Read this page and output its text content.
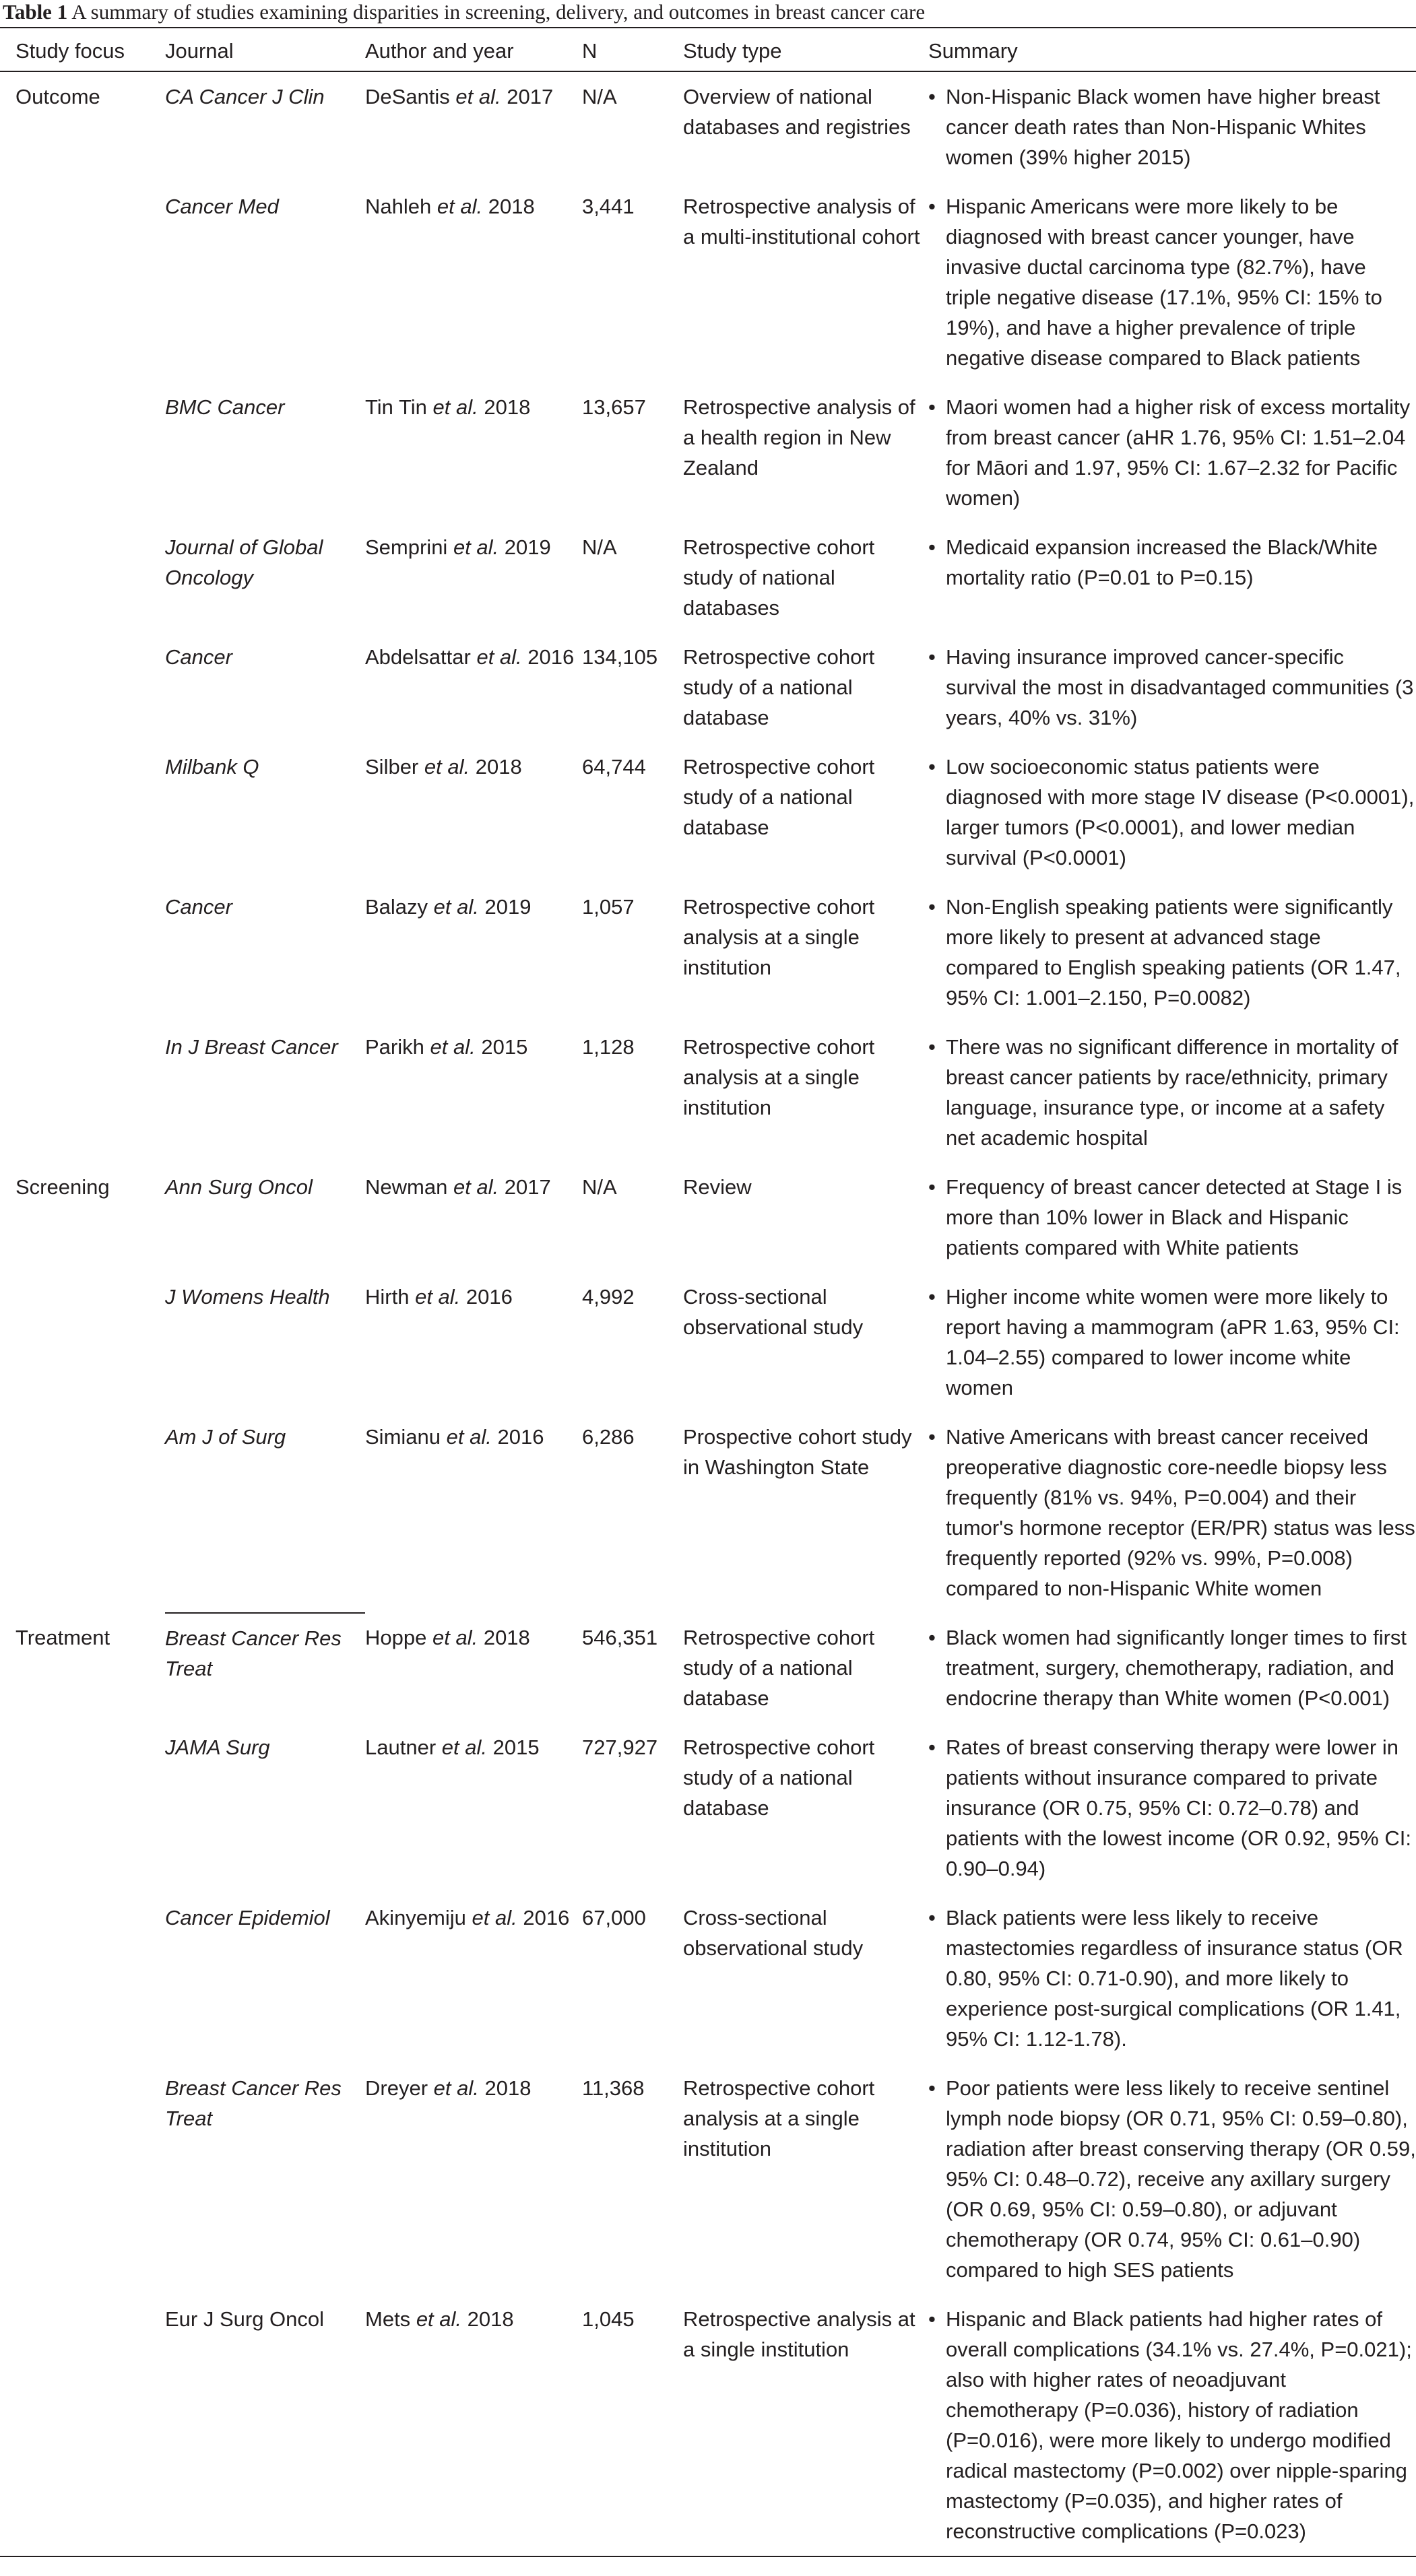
Table 1 A summary of studies examining disparities in screening, delivery, and outcomes in breast cancer care
Study focus	Journal	Author and year	N	Study type	Summary
Outcome	CA Cancer J Clin	DeSantis et al. 2017	N/A	Overview of national databases and registries	• Non-Hispanic Black women have higher breast cancer death rates than Non-Hispanic Whites women (39% higher 2015)

	Cancer Med	Nahleh et al. 2018	3,441	Retrospective analysis of a multi-institutional cohort	• Hispanic Americans were more likely to be diagnosed with breast cancer younger, have invasive ductal carcinoma type (82.7%), have triple negative disease (17.1%, 95% CI: 15% to 19%), and have a higher prevalence of triple negative disease compared to Black patients

	BMC Cancer	Tin Tin et al. 2018	13,657	Retrospective analysis of a health region in New Zealand	• Maori women had a higher risk of excess mortality from breast cancer (aHR 1.76, 95% CI: 1.51–2.04 for Māori and 1.97, 95% CI: 1.67–2.32 for Pacific women)

	Journal of Global Oncology	Semprini et al. 2019	N/A	Retrospective cohort study of national databases	• Medicaid expansion increased the Black/White mortality ratio (P=0.01 to P=0.15)

	Cancer	Abdelsattar et al. 2016	134,105	Retrospective cohort study of a national database	• Having insurance improved cancer-specific survival the most in disadvantaged communities (3 years, 40% vs. 31%)

	Milbank Q	Silber et al. 2018	64,744	Retrospective cohort study of a national database	• Low socioeconomic status patients were diagnosed with more stage IV disease (P<0.0001), larger tumors (P<0.0001), and lower median survival (P<0.0001)

	Cancer	Balazy et al. 2019	1,057	Retrospective cohort analysis at a single institution	• Non-English speaking patients were significantly more likely to present at advanced stage compared to English speaking patients (OR 1.47, 95% CI: 1.001–2.150, P=0.0082)

	In J Breast Cancer	Parikh et al. 2015	1,128	Retrospective cohort analysis at a single institution	• There was no significant difference in mortality of breast cancer patients by race/ethnicity, primary language, insurance type, or income at a safety net academic hospital

Screening	Ann Surg Oncol	Newman et al. 2017	N/A	Review	• Frequency of breast cancer detected at Stage I is more than 10% lower in Black and Hispanic patients compared with White patients

	J Womens Health	Hirth et al. 2016	4,992	Cross-sectional observational study	• Higher income white women were more likely to report having a mammogram (aPR 1.63, 95% CI: 1.04–2.55) compared to lower income white women

	Am J of Surg	Simianu et al. 2016	6,286	Prospective cohort study in Washington State	• Native Americans with breast cancer received preoperative diagnostic core-needle biopsy less frequently (81% vs. 94%, P=0.004) and their tumor's hormone receptor (ER/PR) status was less frequently reported (92% vs. 99%, P=0.008) compared to non-Hispanic White women

Treatment	Breast Cancer Res Treat	Hoppe et al. 2018	546,351	Retrospective cohort study of a national database	• Black women had significantly longer times to first treatment, surgery, chemotherapy, radiation, and endocrine therapy than White women (P<0.001)

	JAMA Surg	Lautner et al. 2015	727,927	Retrospective cohort study of a national database	• Rates of breast conserving therapy were lower in patients without insurance compared to private insurance (OR 0.75, 95% CI: 0.72–0.78) and patients with the lowest income (OR 0.92, 95% CI: 0.90–0.94)

	Cancer Epidemiol	Akinyemiju et al. 2016	67,000	Cross-sectional observational study	• Black patients were less likely to receive mastectomies regardless of insurance status (OR 0.80, 95% CI: 0.71-0.90), and more likely to experience post-surgical complications (OR 1.41, 95% CI: 1.12-1.78).

	Breast Cancer Res Treat	Dreyer et al. 2018	11,368	Retrospective cohort analysis at a single institution	• Poor patients were less likely to receive sentinel lymph node biopsy (OR 0.71, 95% CI: 0.59–0.80), radiation after breast conserving therapy (OR 0.59, 95% CI: 0.48–0.72), receive any axillary surgery (OR 0.69, 95% CI: 0.59–0.80), or adjuvant chemotherapy (OR 0.74, 95% CI: 0.61–0.90) compared to high SES patients

	Eur J Surg Oncol	Mets et al. 2018	1,045	Retrospective analysis at a single institution	• Hispanic and Black patients had higher rates of overall complications (34.1% vs. 27.4%, P=0.021); also with higher rates of neoadjuvant chemotherapy (P=0.036), history of radiation (P=0.016), were more likely to undergo modified radical mastectomy (P=0.002) over nipple-sparing mastectomy (P=0.035), and higher rates of reconstructive complications (P=0.023)
